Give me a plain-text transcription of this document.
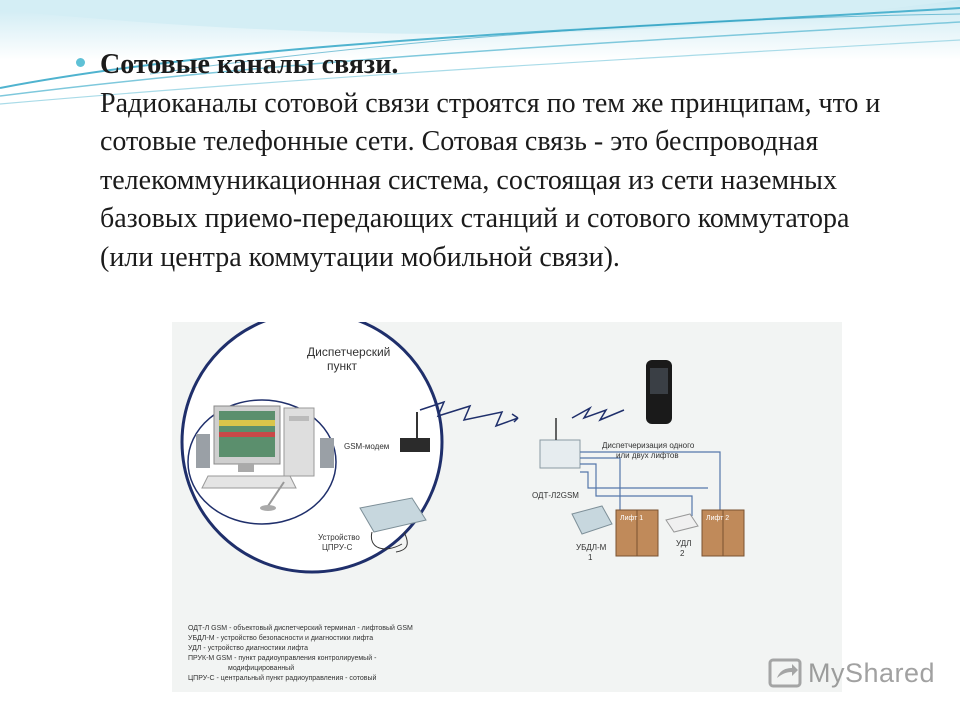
Сотовые каналы связи.
Радиоканалы сотовой связи строятся по тем же принципам, что и сотовые телефонные сети. Сотовая связь - это беспроводная телекоммуникационная система, состоящая из сети наземных базовых приемо-передающих станций и сотового коммутатора (или центра коммутации мобильной связи).
Диспетчерский
пункт
GSM-модем
Устройство
ЦПРУ-С
ОДТ-Л2GSM
Диспетчеризация одного
или двух лифтов
УБДЛ-М
1
Лифт 1
УДЛ
2
Лифт 2
ОДТ-Л GSM - объектовый диспетчерский терминал - лифтовый GSM
УБДЛ-М - устройство безопасности и диагностики лифта
УДЛ - устройство диагностики лифта
ПРУК-М GSM - пункт радиоуправления контролируемый -
модифицированный
ЦПРУ-С - центральный пункт радиоуправления - сотовый	MyShared
